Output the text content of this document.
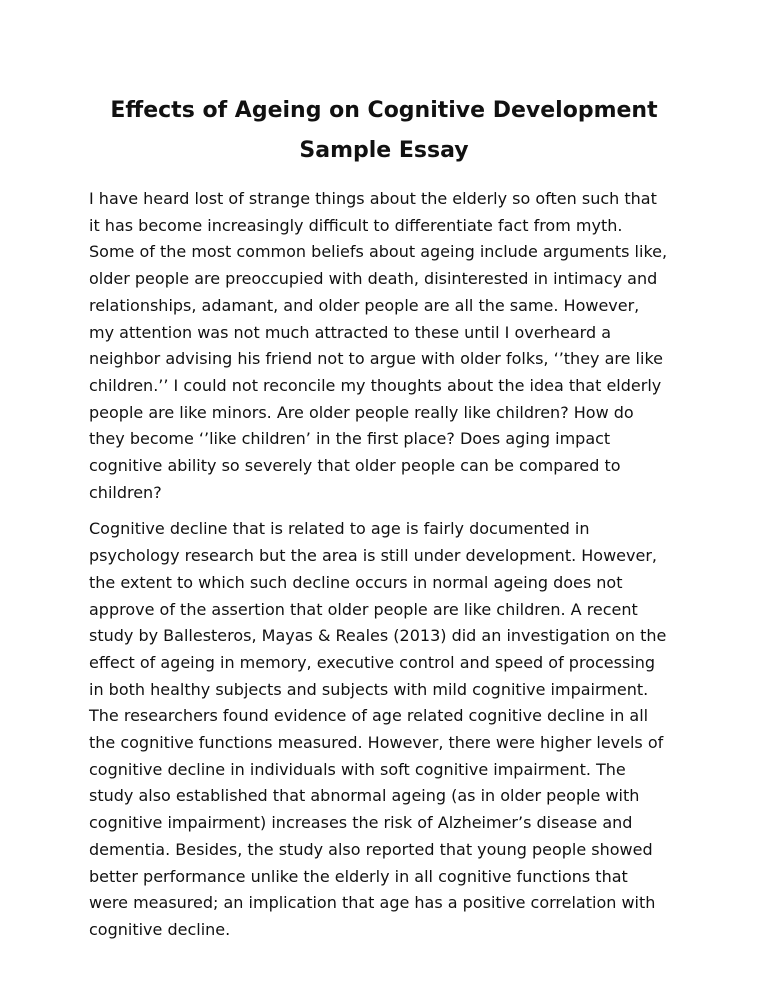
Effects of Ageing on Cognitive Development
Sample Essay
I have heard lost of strange things about the elderly so often such that
it has become increasingly difficult to differentiate fact from myth.
Some of the most common beliefs about ageing include arguments like,
older people are preoccupied with death, disinterested in intimacy and
relationships, adamant, and older people are all the same. However,
my attention was not much attracted to these until I overheard a
neighbor advising his friend not to argue with older folks, ‘’they are like
children.’’ I could not reconcile my thoughts about the idea that elderly
people are like minors. Are older people really like children? How do
they become ‘’like children’ in the first place? Does aging impact
cognitive ability so severely that older people can be compared to
children?
Cognitive decline that is related to age is fairly documented in
psychology research but the area is still under development. However,
the extent to which such decline occurs in normal ageing does not
approve of the assertion that older people are like children. A recent
study by Ballesteros, Mayas & Reales (2013) did an investigation on the
effect of ageing in memory, executive control and speed of processing
in both healthy subjects and subjects with mild cognitive impairment.
The researchers found evidence of age related cognitive decline in all
the cognitive functions measured. However, there were higher levels of
cognitive decline in individuals with soft cognitive impairment. The
study also established that abnormal ageing (as in older people with
cognitive impairment) increases the risk of Alzheimer’s disease and
dementia. Besides, the study also reported that young people showed
better performance unlike the elderly in all cognitive functions that
were measured; an implication that age has a positive correlation with
cognitive decline.
